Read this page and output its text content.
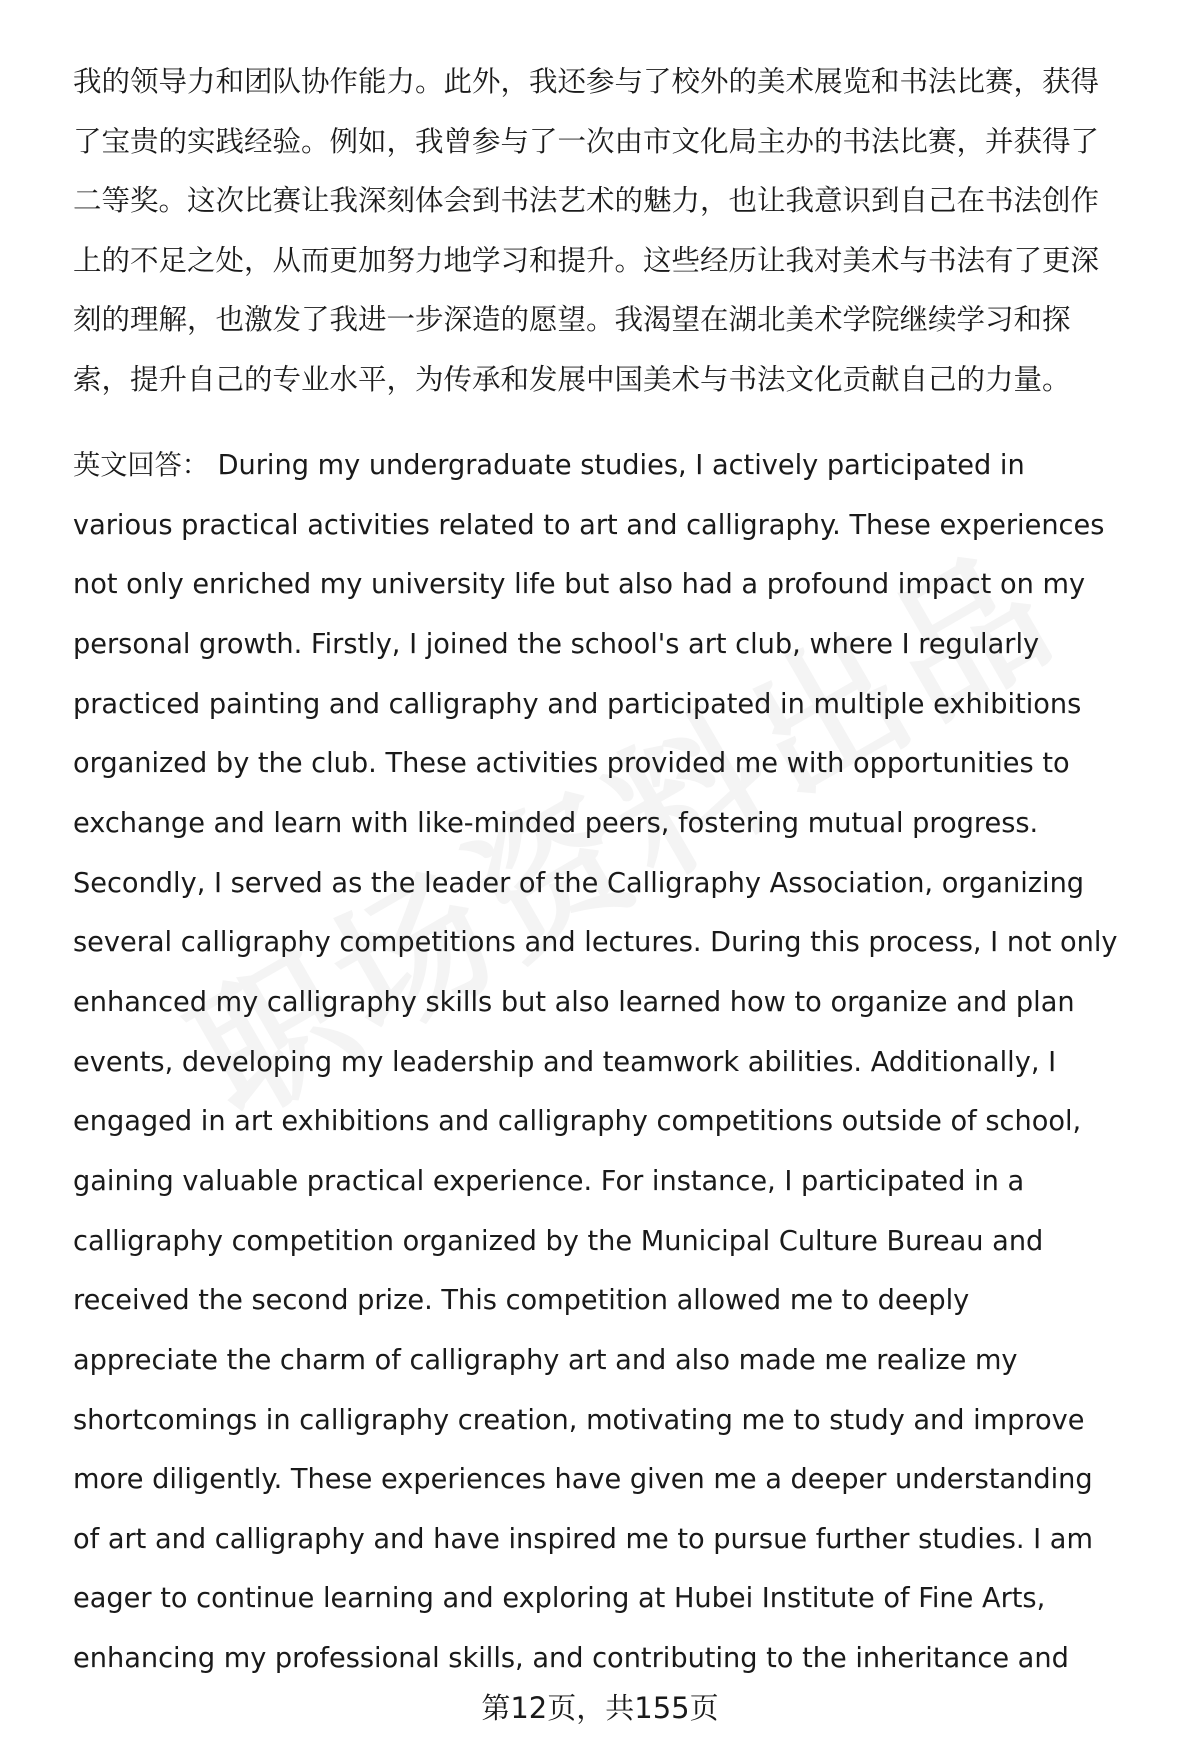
我的领导力和团队协作能力。此外，我还参与了校外的美术展览和书法比赛，获得
了宝贵的实践经验。例如，我曾参与了一次由市文化局主办的书法比赛，并获得了
二等奖。这次比赛让我深刻体会到书法艺术的魅力，也让我意识到自己在书法创作
上的不足之处，从而更加努力地学习和提升。这些经历让我对美术与书法有了更深
刻的理解，也激发了我进一步深造的愿望。我渴望在湖北美术学院继续学习和探
索，提升自己的专业水平，为传承和发展中国美术与书法文化贡献自己的力量。

英文回答： During my undergraduate studies, I actively participated in
various practical activities related to art and calligraphy. These experiences
not only enriched my university life but also had a profound impact on my
personal growth. Firstly, I joined the school's art club, where I regularly
practiced painting and calligraphy and participated in multiple exhibitions
organized by the club. These activities provided me with opportunities to
exchange and learn with like-minded peers, fostering mutual progress.
Secondly, I served as the leader of the Calligraphy Association, organizing
several calligraphy competitions and lectures. During this process, I not only
enhanced my calligraphy skills but also learned how to organize and plan
events, developing my leadership and teamwork abilities. Additionally, I
engaged in art exhibitions and calligraphy competitions outside of school,
gaining valuable practical experience. For instance, I participated in a
calligraphy competition organized by the Municipal Culture Bureau and
received the second prize. This competition allowed me to deeply
appreciate the charm of calligraphy art and also made me realize my
shortcomings in calligraphy creation, motivating me to study and improve
more diligently. These experiences have given me a deeper understanding
of art and calligraphy and have inspired me to pursue further studies. I am
eager to continue learning and exploring at Hubei Institute of Fine Arts,
enhancing my professional skills, and contributing to the inheritance and

第12页，共155页
